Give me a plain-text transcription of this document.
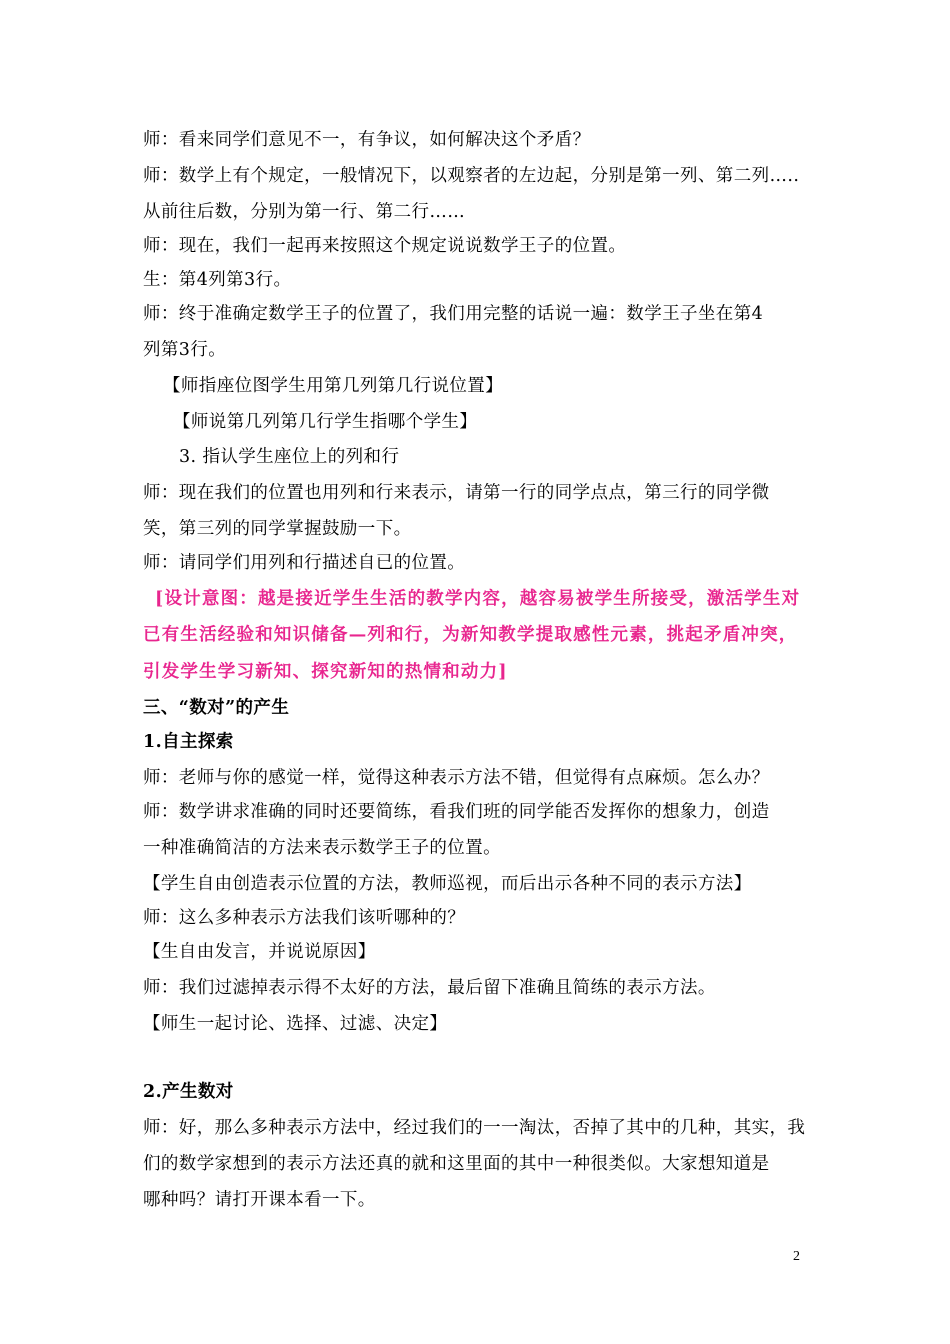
师：看来同学们意见不一，有争议，如何解决这个矛盾？
师：数学上有个规定，一般情况下，以观察者的左边起，分别是第一列、第二列…..
从前往后数，分别为第一行、第二行……
师：现在，我们一起再来按照这个规定说说数学王子的位置。
生：第4列第3行。
师：终于准确定数学王子的位置了，我们用完整的话说一遍：数学王子坐在第4
列第3行。
【师指座位图学生用第几列第几行说位置】
【师说第几列第几行学生指哪个学生】
3. 指认学生座位上的列和行
师：现在我们的位置也用列和行来表示，请第一行的同学点点，第三行的同学微
笑，第三列的同学掌握鼓励一下。
师：请同学们用列和行描述自已的位置。
[设计意图：越是接近学生生活的教学内容，越容易被学生所接受，激活学生对
已有生活经验和知识储备—列和行，为新知教学提取感性元素，挑起矛盾冲突，
引发学生学习新知、探究新知的热情和动力]
三、“数对”的产生
1.自主探索
师：老师与你的感觉一样，觉得这种表示方法不错，但觉得有点麻烦。怎么办？
师：数学讲求准确的同时还要简练，看我们班的同学能否发挥你的想象力，创造
一种准确简洁的方法来表示数学王子的位置。
【学生自由创造表示位置的方法，教师巡视，而后出示各种不同的表示方法】
师：这么多种表示方法我们该听哪种的？
【生自由发言，并说说原因】
师：我们过滤掉表示得不太好的方法，最后留下准确且简练的表示方法。
【师生一起讨论、选择、过滤、决定】
2.产生数对
师：好，那么多种表示方法中，经过我们的一一淘汰，否掉了其中的几种，其实，我
们的数学家想到的表示方法还真的就和这里面的其中一种很类似。大家想知道是
哪种吗？请打开课本看一下。
2
